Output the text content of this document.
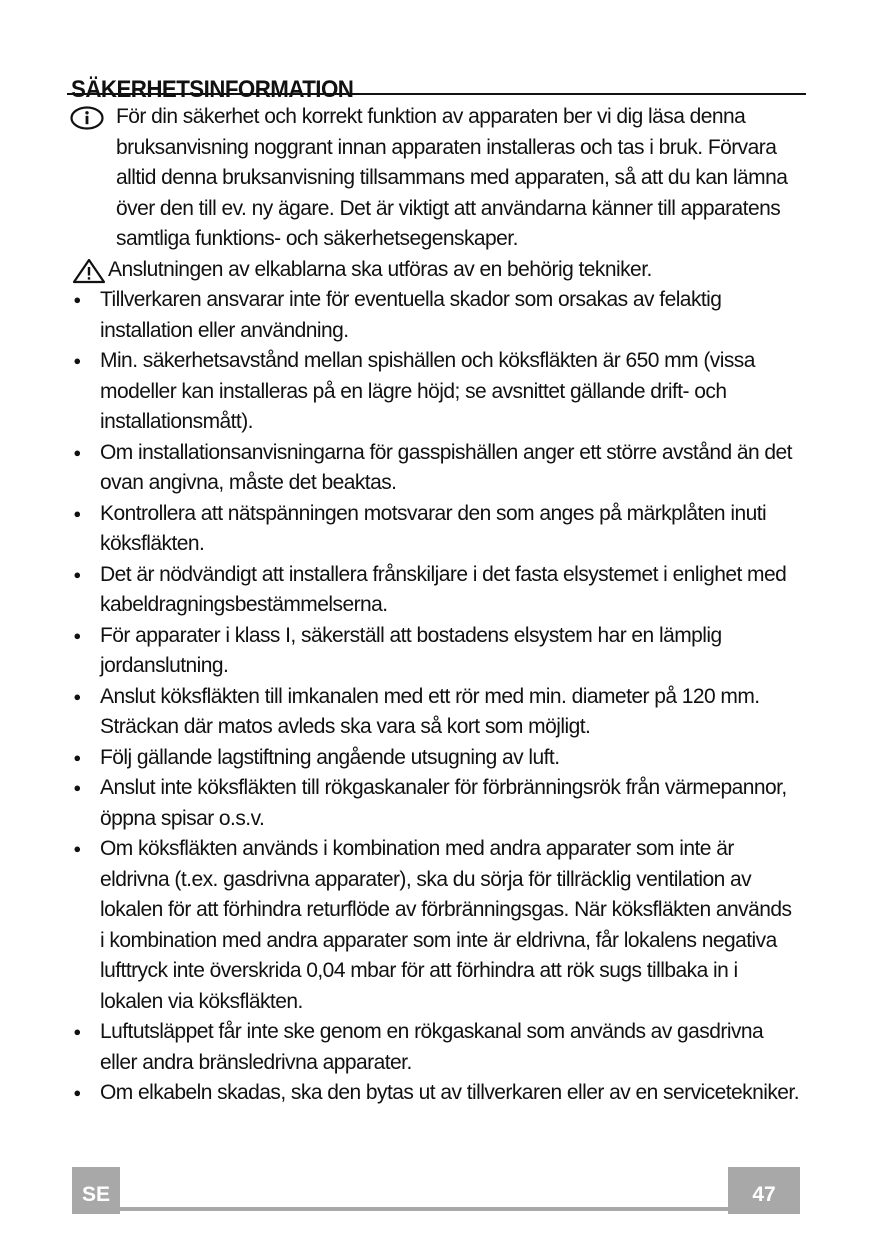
SÄKERHETSINFORMATION
För din säkerhet och korrekt funktion av apparaten ber vi dig läsa denna bruksanvisning noggrant innan apparaten installeras och tas i bruk. Förvara alltid denna bruksanvisning tillsammans med apparaten, så att du kan lämna över den till ev. ny ägare. Det är viktigt att användarna känner till apparatens samtliga funktions- och säkerhetsegenskaper.
Anslutningen av elkablarna ska utföras av en behörig tekniker.
● Tillverkaren ansvarar inte för eventuella skador som orsakas av felaktig installation eller användning.
● Min. säkerhetsavstånd mellan spishällen och köksfläkten är 650 mm (vissa modeller kan installeras på en lägre höjd; se avsnittet gällande drift- och installationsmått).
● Om installationsanvisningarna för gasspishällen anger ett större avstånd än det ovan angivna, måste det beaktas.
● Kontrollera att nätspänningen motsvarar den som anges på märkplåten inuti köksfläkten.
● Det är nödvändigt att installera frånskiljare i det fasta elsystemet i enlighet med kabeldragningsbestämmelserna.
● För apparater i klass I, säkerställ att bostadens elsystem har en lämplig jordanslutning.
● Anslut köksfläkten till imkanalen med ett rör med min. diameter på 120 mm. Sträckan där matos avleds ska vara så kort som möjligt.
● Följ gällande lagstiftning angående utsugning av luft.
● Anslut inte köksfläkten till rökgaskanaler för förbränningsrök från värmepannor, öppna spisar o.s.v.
● Om köksfläkten används i kombination med andra apparater som inte är eldrivna (t.ex. gasdrivna apparater), ska du sörja för tillräcklig ventilation av lokalen för att förhindra returflöde av förbränningsgas. När köksfläkten används i kombination med andra apparater som inte är eldrivna, får lokalens negativa lufttryck inte överskrida 0,04 mbar för att förhindra att rök sugs tillbaka in i lokalen via köksfläkten.
● Luftutsläppet får inte ske genom en rökgaskanal som används av gasdrivna eller andra bränsledrivna apparater.
● Om elkabeln skadas, ska den bytas ut av tillverkaren eller av en servicetekniker.
SE	47
